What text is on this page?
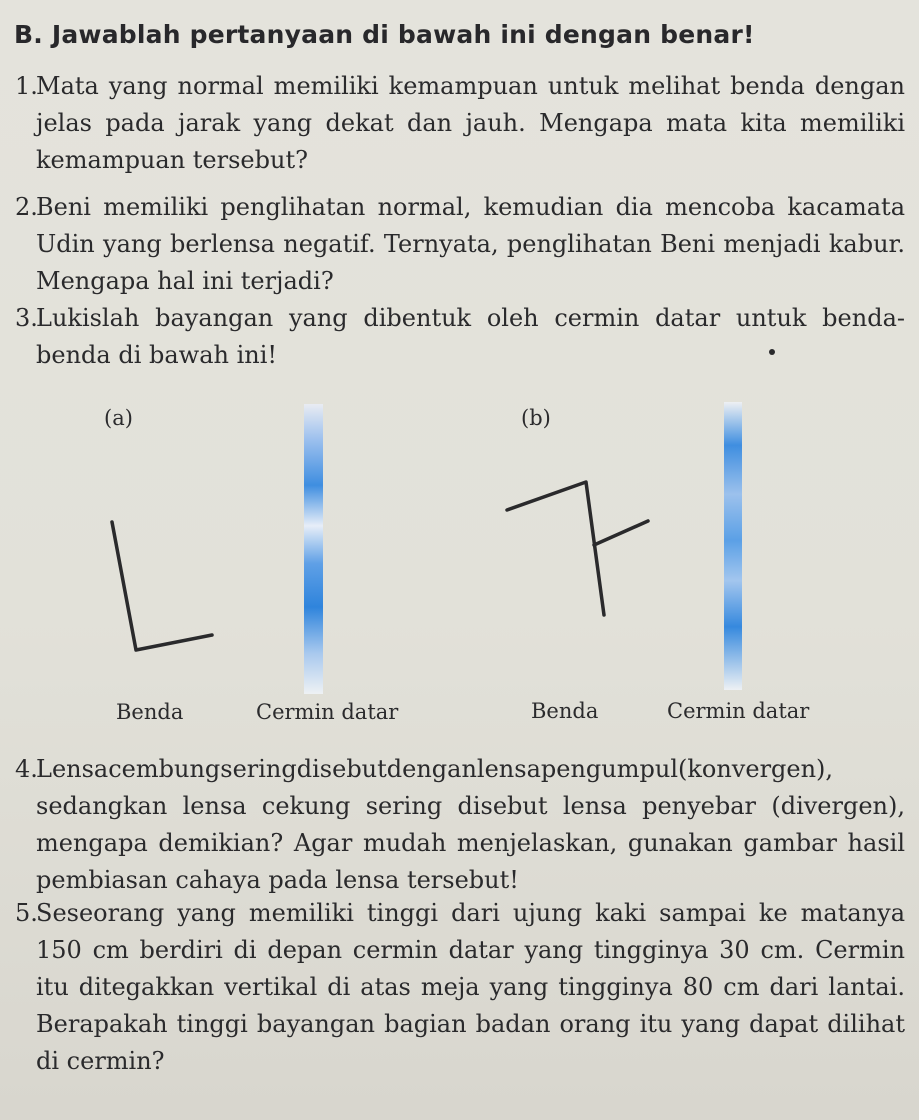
B. Jawablah pertanyaan di bawah ini dengan benar!
1.

Mata yang normal memiliki kemampuan untuk melihat benda dengan jelas pada jarak yang dekat dan jauh. Mengapa mata kita memiliki kemampuan tersebut?

2.

Beni memiliki penglihatan normal, kemudian dia mencoba kacamata Udin yang berlensa negatif. Ternyata, penglihatan Beni menjadi kabur. Mengapa hal ini terjadi?

3.

Lukislah bayangan yang dibentuk oleh cermin datar untuk benda-benda di bawah ini!

(a)
Benda	Cermin datar
(b)
Benda	Cermin datar
4.

Lensacembungseringdisebutdenganlensapengumpul(konvergen), sedangkan lensa cekung sering disebut lensa penyebar (divergen), mengapa demikian? Agar mudah menjelaskan, gunakan gambar hasil pembiasan cahaya pada lensa tersebut!

5.

Seseorang yang memiliki tinggi dari ujung kaki sampai ke matanya 150 cm berdiri di depan cermin datar yang tingginya 30 cm. Cermin itu ditegakkan vertikal di atas meja yang tingginya 80 cm dari lantai. Berapakah tinggi bayangan bagian badan orang itu yang dapat dilihat di cermin?
